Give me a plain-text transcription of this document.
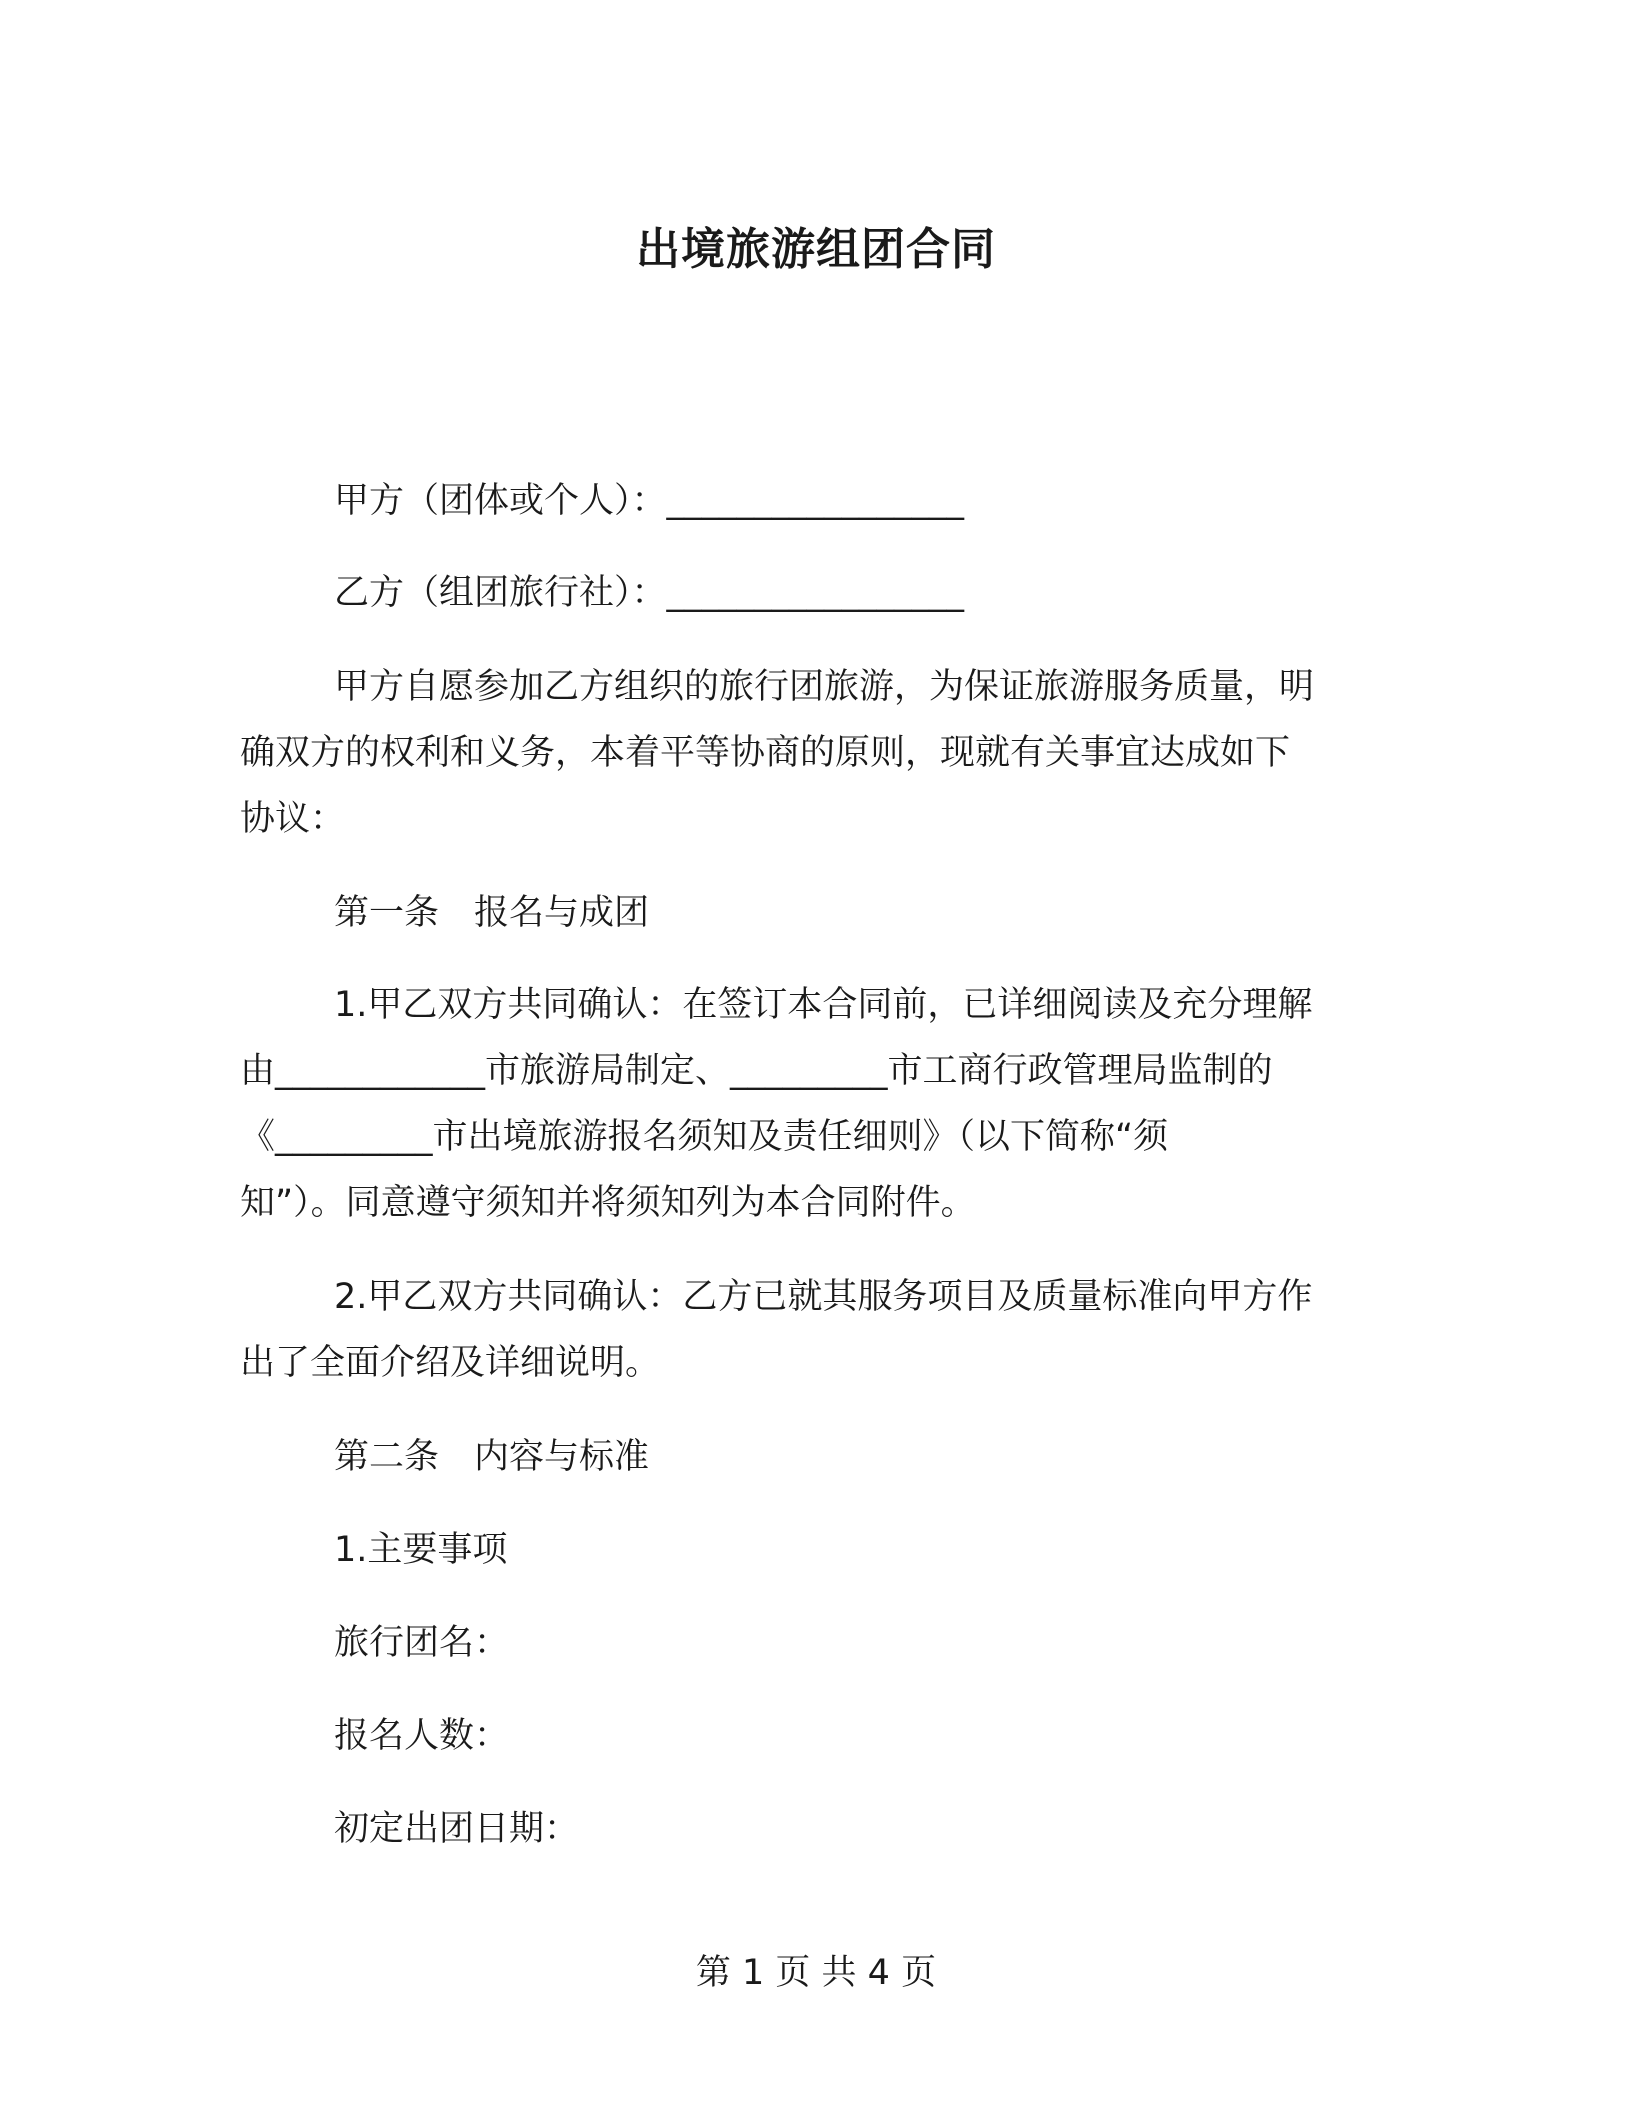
出境旅游组团合同
甲方（团体或个人）：_________________
乙方（组团旅行社）：_________________
甲方自愿参加乙方组织的旅行团旅游，为保证旅游服务质量，明
确双方的权利和义务，本着平等协商的原则，现就有关事宜达成如下
协议：
第一条　报名与成团
1.甲乙双方共同确认：在签订本合同前，已详细阅读及充分理解
由____________市旅游局制定、_________市工商行政管理局监制的
《_________市出境旅游报名须知及责任细则》（以下简称“须
知”）。同意遵守须知并将须知列为本合同附件。
2.甲乙双方共同确认：乙方已就其服务项目及质量标准向甲方作
出了全面介绍及详细说明。
第二条　内容与标准
1.主要事项
旅行团名：
报名人数：
初定出团日期：
第 1 页 共 4 页
